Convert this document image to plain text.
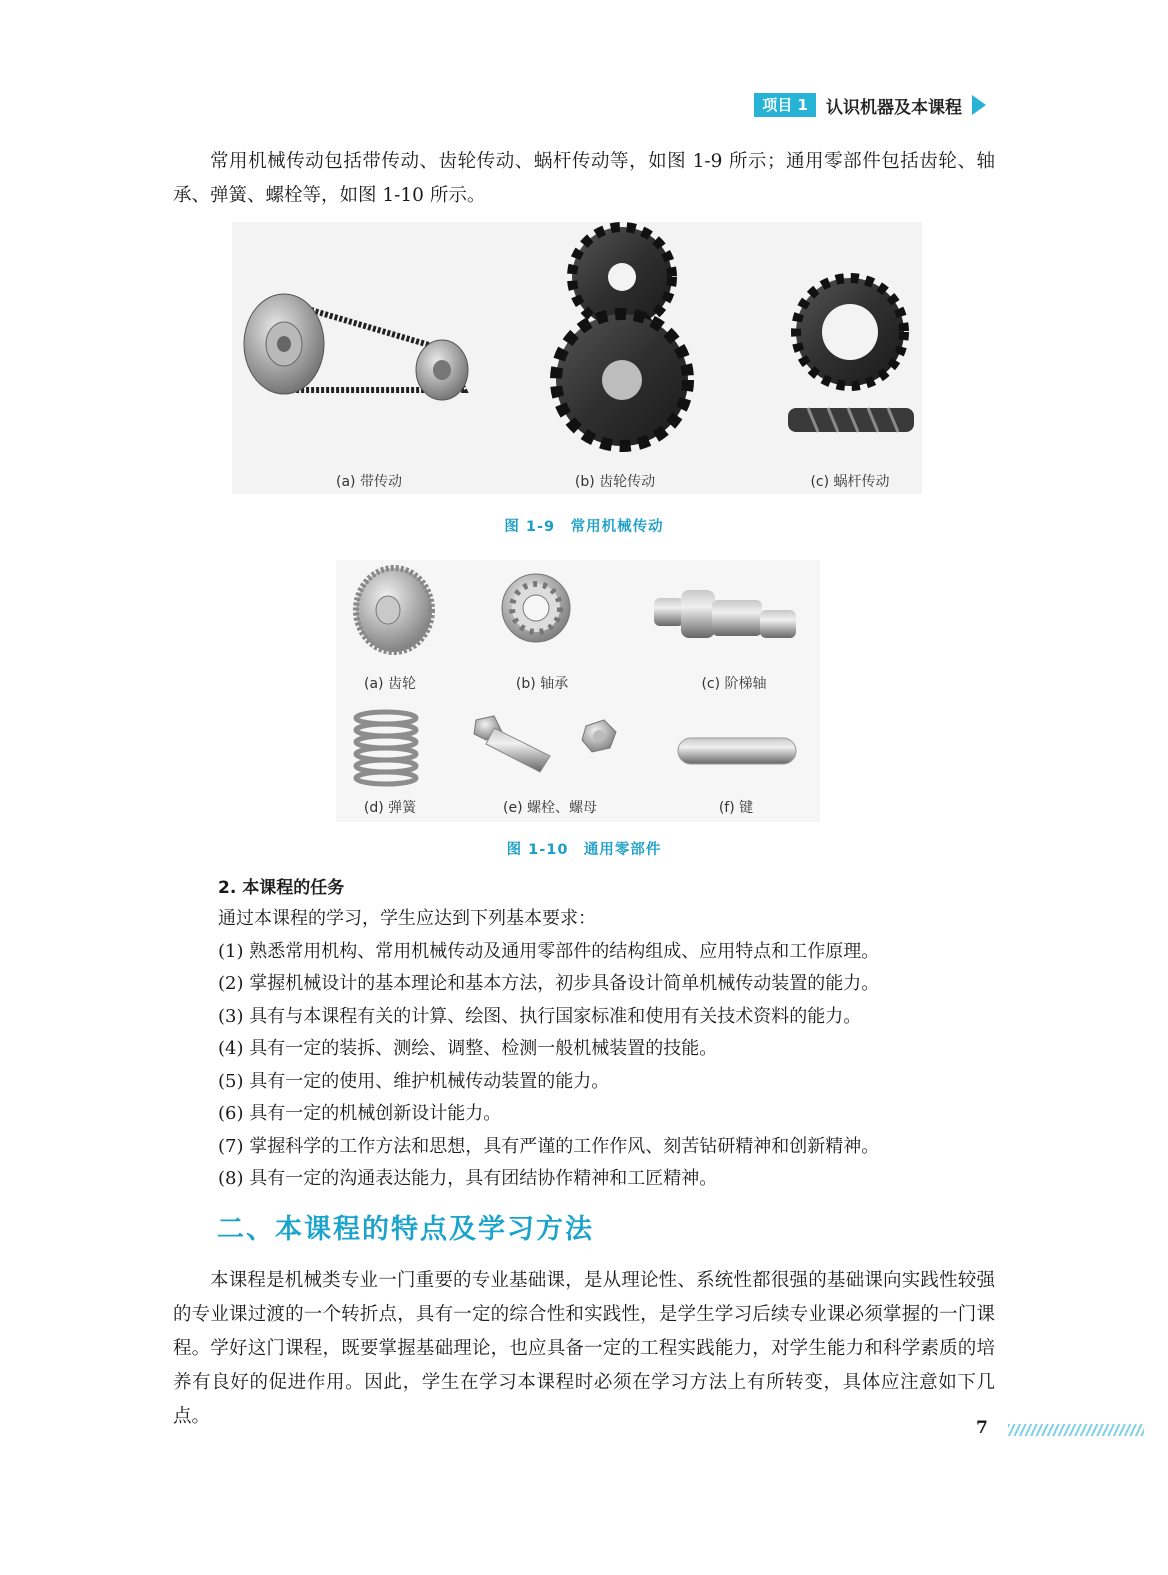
项目 1	认识机器及本课程

常用机械传动包括带传动、齿轮传动、蜗杆传动等，如图 1-9 所示；通用零部件包括齿轮、轴承、弹簧、螺栓等，如图 1-10 所示。

(a) 带传动	(b) 齿轮传动	(c) 蜗杆传动
图 1-9　常用机械传动
(a) 齿轮	(b) 轴承	(c) 阶梯轴
(d) 弹簧	(e) 螺栓、螺母	(f) 键
图 1-10　通用零部件
2. 本课程的任务
通过本课程的学习，学生应达到下列基本要求：
(1) 熟悉常用机构、常用机械传动及通用零部件的结构组成、应用特点和工作原理。
(2) 掌握机械设计的基本理论和基本方法，初步具备设计简单机械传动装置的能力。
(3) 具有与本课程有关的计算、绘图、执行国家标准和使用有关技术资料的能力。
(4) 具有一定的装拆、测绘、调整、检测一般机械装置的技能。
(5) 具有一定的使用、维护机械传动装置的能力。
(6) 具有一定的机械创新设计能力。
(7) 掌握科学的工作方法和思想，具有严谨的工作作风、刻苦钻研精神和创新精神。
(8) 具有一定的沟通表达能力，具有团结协作精神和工匠精神。
二、本课程的特点及学习方法

本课程是机械类专业一门重要的专业基础课，是从理论性、系统性都很强的基础课向实践性较强的专业课过渡的一个转折点，具有一定的综合性和实践性，是学生学习后续专业课必须掌握的一门课程。学好这门课程，既要掌握基础理论，也应具备一定的工程实践能力，对学生能力和科学素质的培养有良好的促进作用。因此，学生在学习本课程时必须在学习方法上有所转变，具体应注意如下几点。

7
